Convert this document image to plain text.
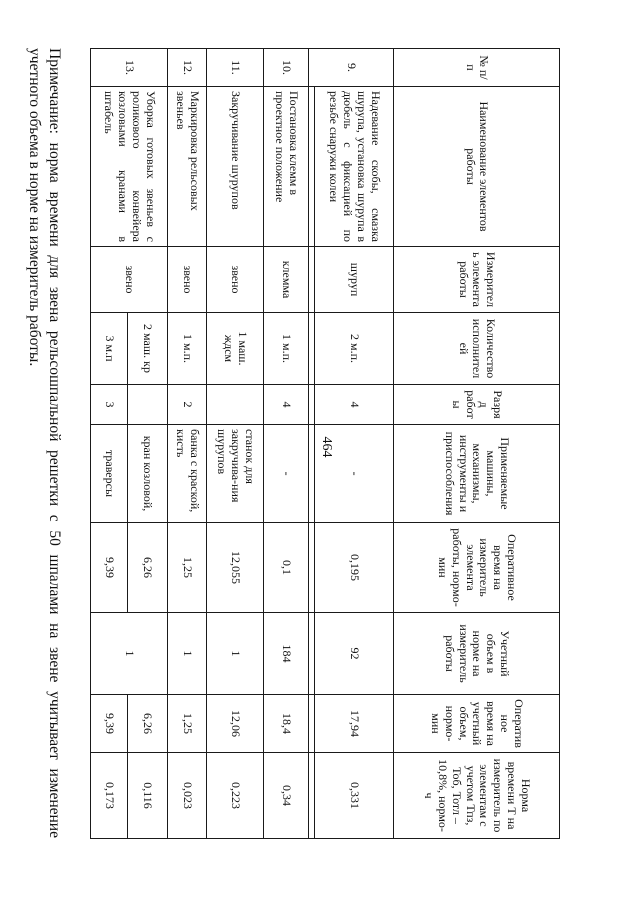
464
№ п/п	Наименование элементов работы	Измеритель элемента работы	Количество исполнителей	Разряд работы	Применяемые машины, механизмы, инструменты и приспособления	Оперативное время на измеритель элемента работы, нормо-мин	Учетный объем в норме на измеритель работы	Оперативное время на учетный объем, нормо-мин	Норма времени Т на измеритель по элементам с учетом Тпз, Тоб, Тотл – 10,8%, нормо-ч
9.	Надевание скобы, смазка шурупа, установка шурупа в дюбель с фиксацией по резьбе снаружи колеи	шуруп	2 м.п.	4	-	0,195	92	17,94	0,331

10.	Постановка клемм в проектное положение	клемма	1 м.п.	4	-	0,1	184	18,4	0,34
11.	Закручивание шурупов	звено	1 маш. ждсм		станок для закручива-ния шурупов	12,055	1	12,06	0,223
12.	Маркировка рельсовых звеньев	звено	1 м.п.	2	банка с краской, кисть	1,25	1	1,25	0,023
13.	Уборка готовых звеньев с роликового конвейера козловыми кранами в штабель	звено	2 маш. кр		кран козловой,	6,26	1	6,26	0,116
			3 м.п	3	траверсы	9,39		9,39	0,173

Примечание: норма времени для звена рельсошпальной решетки с 50 шпалами на звене учитывает изменение учетного объема в норме на измеритель работы.
